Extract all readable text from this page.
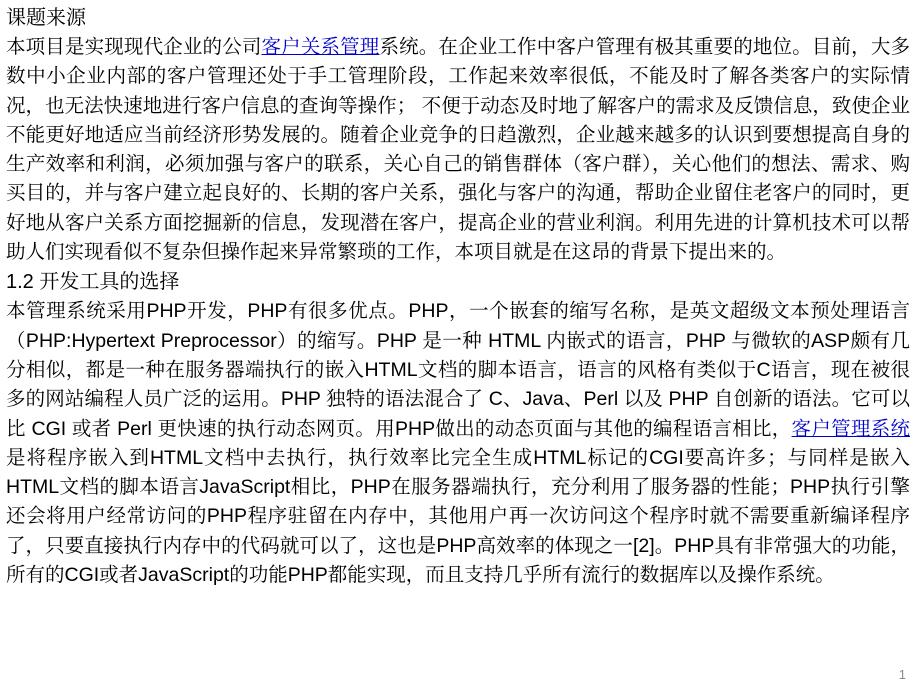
课题来源

本项目是实现现代企业的公司客户关系管理系统。在企业工作中客户管理有极其重要的地位。目前，大多数中小企业内部的客户管理还处于手工管理阶段，工作起来效率很低，不能及时了解各类客户的实际情况，也无法快速地进行客户信息的查询等操作； 不便于动态及时地了解客户的需求及反馈信息，致使企业不能更好地适应当前经济形势发展的。随着企业竞争的日趋激烈，企业越来越多的认识到要想提高自身的生产效率和利润，必须加强与客户的联系，关心自己的销售群体（客户群），关心他们的想法、需求、购买目的，并与客户建立起良好的、长期的客户关系，强化与客户的沟通，帮助企业留住老客户的同时，更好地从客户关系方面挖掘新的信息，发现潜在客户，提高企业的营业利润。利用先进的计算机技术可以帮助人们实现看似不复杂但操作起来异常繁琐的工作，本项目就是在这昂的背景下提出来的。

1.2 开发工具的选择

本管理系统采用PHP开发，PHP有很多优点。PHP，一个嵌套的缩写名称，是英文超级文本预处理语言（PHP:Hypertext Preprocessor）的缩写。PHP 是一种 HTML 内嵌式的语言，PHP 与微软的ASP颇有几分相似，都是一种在服务器端执行的嵌入HTML文档的脚本语言，语言的风格有类似于C语言，现在被很多的网站编程人员广泛的运用。PHP 独特的语法混合了 C、Java、Perl 以及 PHP 自创新的语法。它可以比 CGI 或者 Perl 更快速的执行动态网页。用PHP做出的动态页面与其他的编程语言相比，客户管理系统是将程序嵌入到HTML文档中去执行，执行效率比完全生成HTML标记的CGI要高许多；与同样是嵌入HTML文档的脚本语言JavaScript相比，PHP在服务器端执行，充分利用了服务器的性能；PHP执行引擎还会将用户经常访问的PHP程序驻留在内存中，其他用户再一次访问这个程序时就不需要重新编译程序了，只要直接执行内存中的代码就可以了，这也是PHP高效率的体现之一[2]。PHP具有非常强大的功能，所有的CGI或者JavaScript的功能PHP都能实现，而且支持几乎所有流行的数据库以及操作系统。

1
